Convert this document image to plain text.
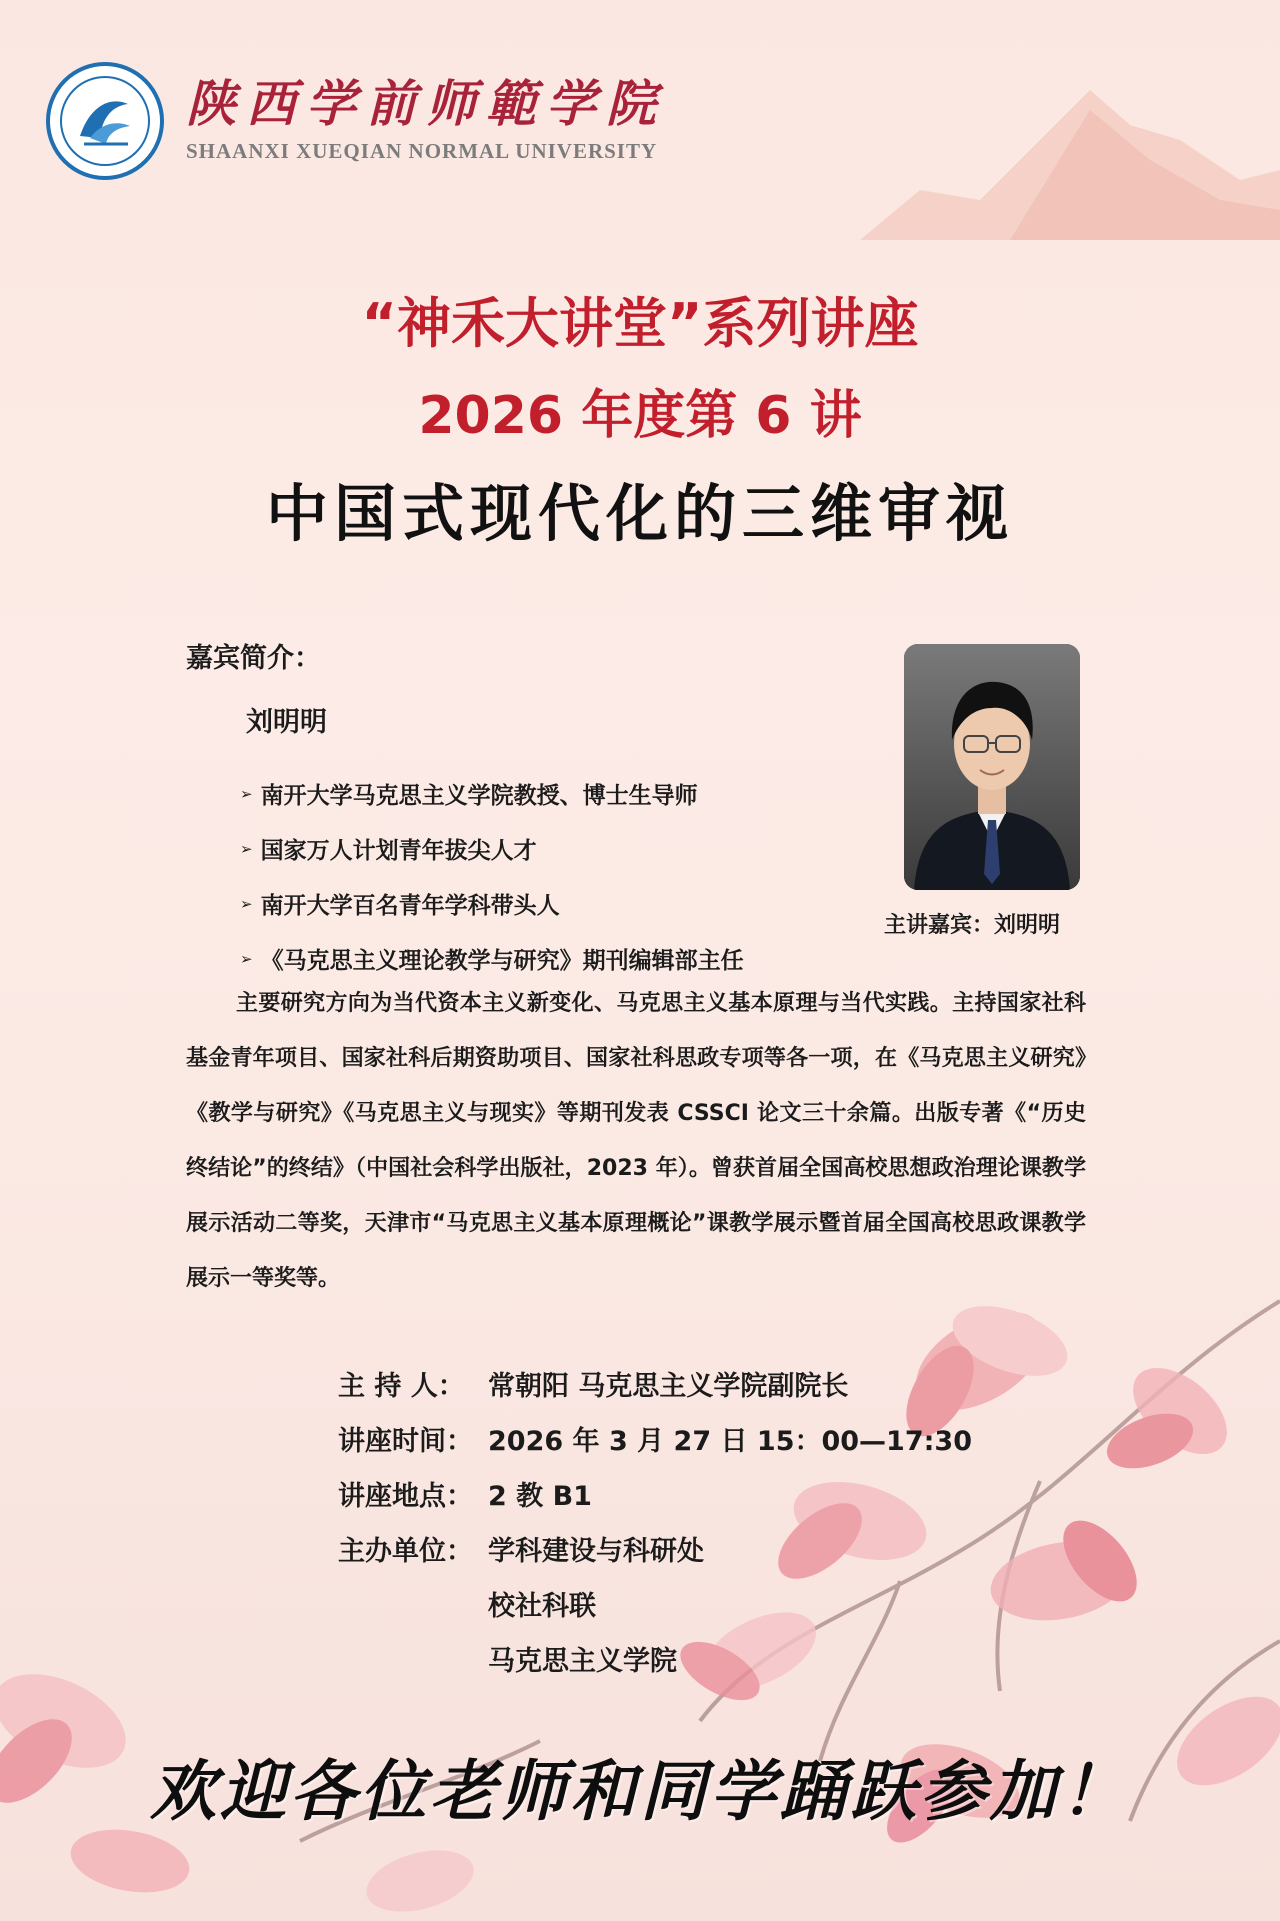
陕西学前师範学院
SHAANXI XUEQIAN NORMAL UNIVERSITY
“神禾大讲堂”系列讲座
2026 年度第 6 讲
中国式现代化的三维审视
嘉宾简介：
刘明明
➢ 南开大学马克思主义学院教授、博士生导师
➢ 国家万人计划青年拔尖人才
➢ 南开大学百名青年学科带头人
➢ 《马克思主义理论教学与研究》期刊编辑部主任
主讲嘉宾：刘明明

主要研究方向为当代资本主义新变化、马克思主义基本原理与当代实践。主持国家社科基金青年项目、国家社科后期资助项目、国家社科思政专项等各一项，在《马克思主义研究》《教学与研究》《马克思主义与现实》等期刊发表 CSSCI 论文三十余篇。出版专著《“历史终结论”的终结》（中国社会科学出版社，2023 年）。曾获首届全国高校思想政治理论课教学展示活动二等奖，天津市“马克思主义基本原理概论”课教学展示暨首届全国高校思政课教学展示一等奖等。

主 持 人： 常朝阳 马克思主义学院副院长
讲座时间： 2026 年 3 月 27 日 15：00—17:30
讲座地点： 2 教 B1
主办单位： 学科建设与科研处
校社科联
马克思主义学院
欢迎各位老师和同学踊跃参加！
